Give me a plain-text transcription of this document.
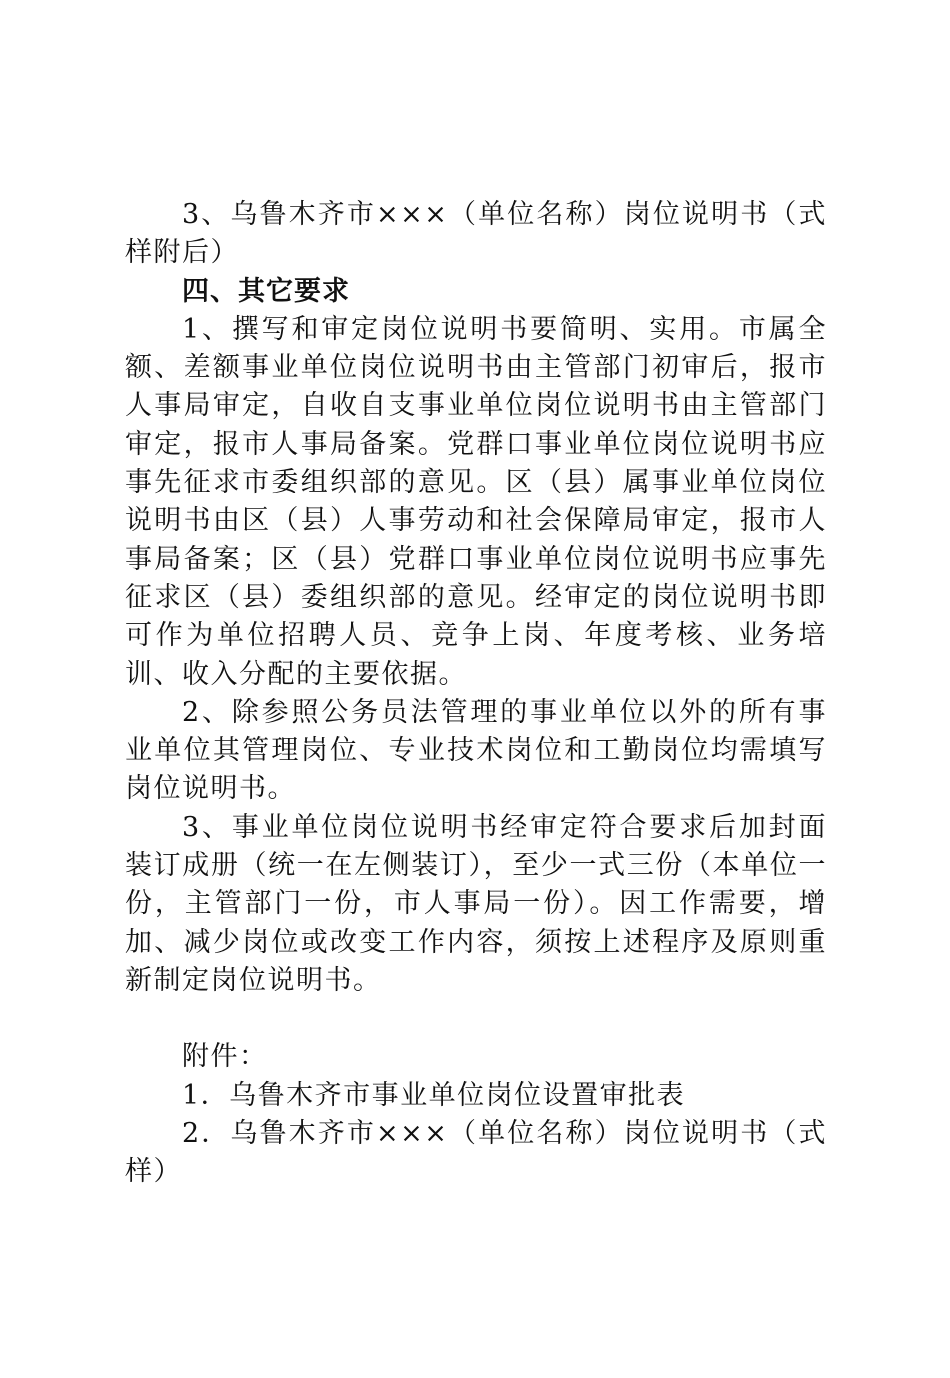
3、乌鲁木齐市×××（单位名称）岗位说明书（式样附后）

四、其它要求

1、撰写和审定岗位说明书要简明、实用。市属全额、差额事业单位岗位说明书由主管部门初审后，报市人事局审定，自收自支事业单位岗位说明书由主管部门审定，报市人事局备案。党群口事业单位岗位说明书应事先征求市委组织部的意见。区（县）属事业单位岗位说明书由区（县）人事劳动和社会保障局审定，报市人事局备案；区（县）党群口事业单位岗位说明书应事先征求区（县）委组织部的意见。经审定的岗位说明书即可作为单位招聘人员、竞争上岗、年度考核、业务培训、收入分配的主要依据。

2、除参照公务员法管理的事业单位以外的所有事业单位其管理岗位、专业技术岗位和工勤岗位均需填写岗位说明书。

3、事业单位岗位说明书经审定符合要求后加封面装订成册（统一在左侧装订），至少一式三份（本单位一份，主管部门一份，市人事局一份）。因工作需要，增加、减少岗位或改变工作内容，须按上述程序及原则重新制定岗位说明书。

附件：

1．乌鲁木齐市事业单位岗位设置审批表

2．乌鲁木齐市×××（单位名称）岗位说明书（式样）
